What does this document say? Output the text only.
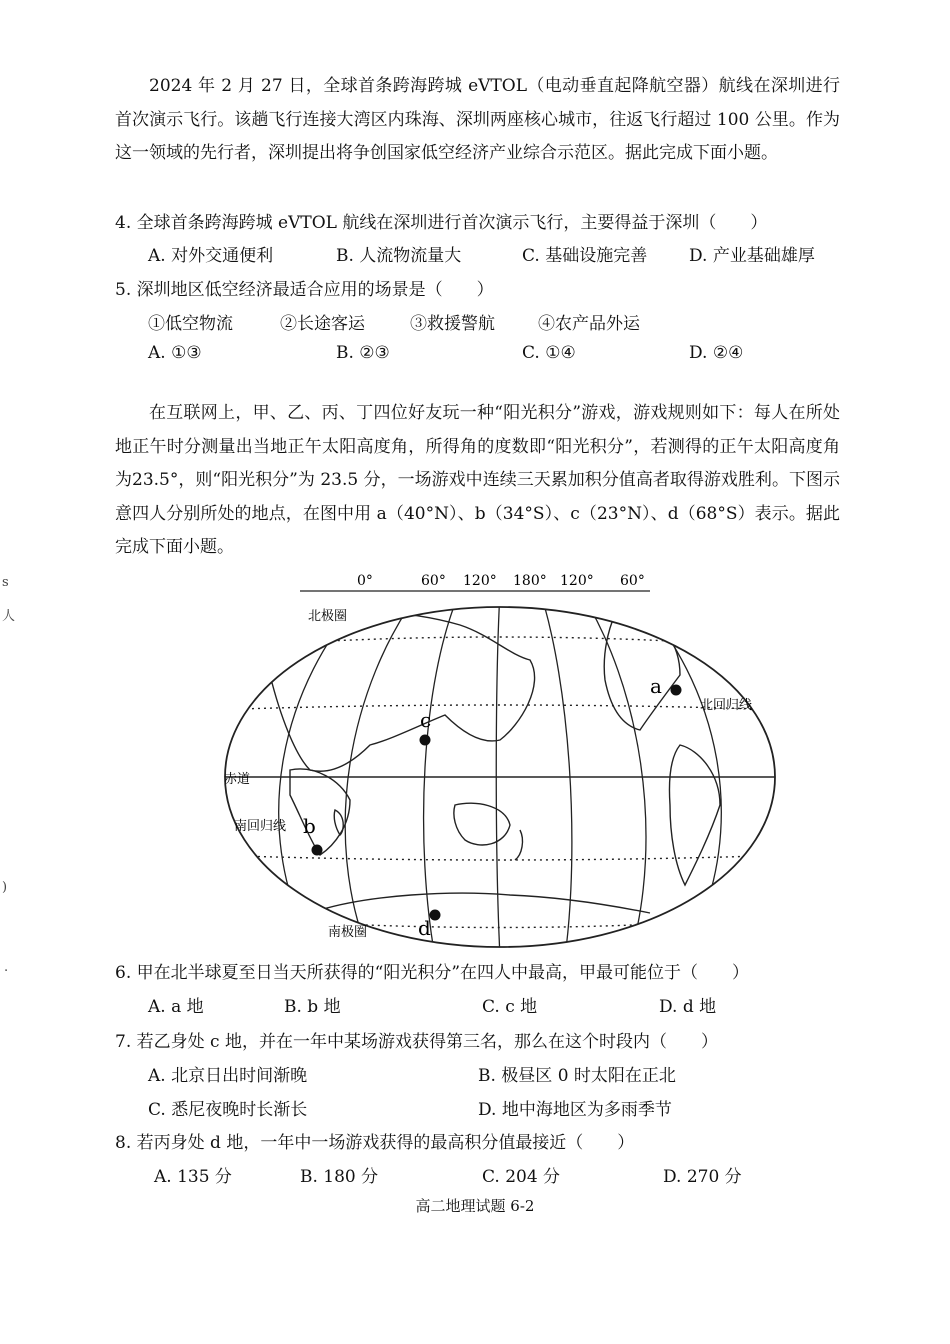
s
人
)
.

2024 年 2 月 27 日，全球首条跨海跨城 eVTOL（电动垂直起降航空器）航线在深圳进行首次演示飞行。该趟飞行连接大湾区内珠海、深圳两座核心城市，往返飞行超过 100 公里。作为这一领域的先行者，深圳提出将争创国家低空经济产业综合示范区。据此完成下面小题。

4. 全球首条跨海跨城 eVTOL 航线在深圳进行首次演示飞行，主要得益于深圳（　　）
A. 对外交通便利	B. 人流物流量大	C. 基础设施完善 D. 产业基础雄厚
5. 深圳地区低空经济最适合应用的场景是（　　）
①低空物流	②长途客运	③救援警航	④农产品外运
A. ①③	B. ②③	C. ①④	D. ②④

在互联网上，甲、乙、丙、丁四位好友玩一种“阳光积分”游戏，游戏规则如下：每人在所处地正午时分测量出当地正午太阳高度角，所得角的度数即“阳光积分”，若测得的正午太阳高度角为23.5°，则“阳光积分”为 23.5 分，一场游戏中连续三天累加积分值高者取得游戏胜利。下图示意四人分别所处的地点，在图中用 a（40°N）、b（34°S）、c（23°N）、d（68°S）表示。据此完成下面小题。

0°	60° 120° 180° 120° 60°
北极圈
北回归线
赤道
南回归线
南极圈
a
b
c
d
6. 甲在北半球夏至日当天所获得的“阳光积分”在四人中最高，甲最可能位于（　　）
A. a 地	B. b 地	C. c 地	D. d 地
7. 若乙身处 c 地，并在一年中某场游戏获得第三名，那么在这个时段内（　　）
A. 北京日出时间渐晚	B. 极昼区 0 时太阳在正北
C. 悉尼夜晚时长渐长	D. 地中海地区为多雨季节
8. 若丙身处 d 地，一年中一场游戏获得的最高积分值最接近（　　）
A. 135 分	B. 180 分	C. 204 分	D. 270 分
高二地理试题 6-2
